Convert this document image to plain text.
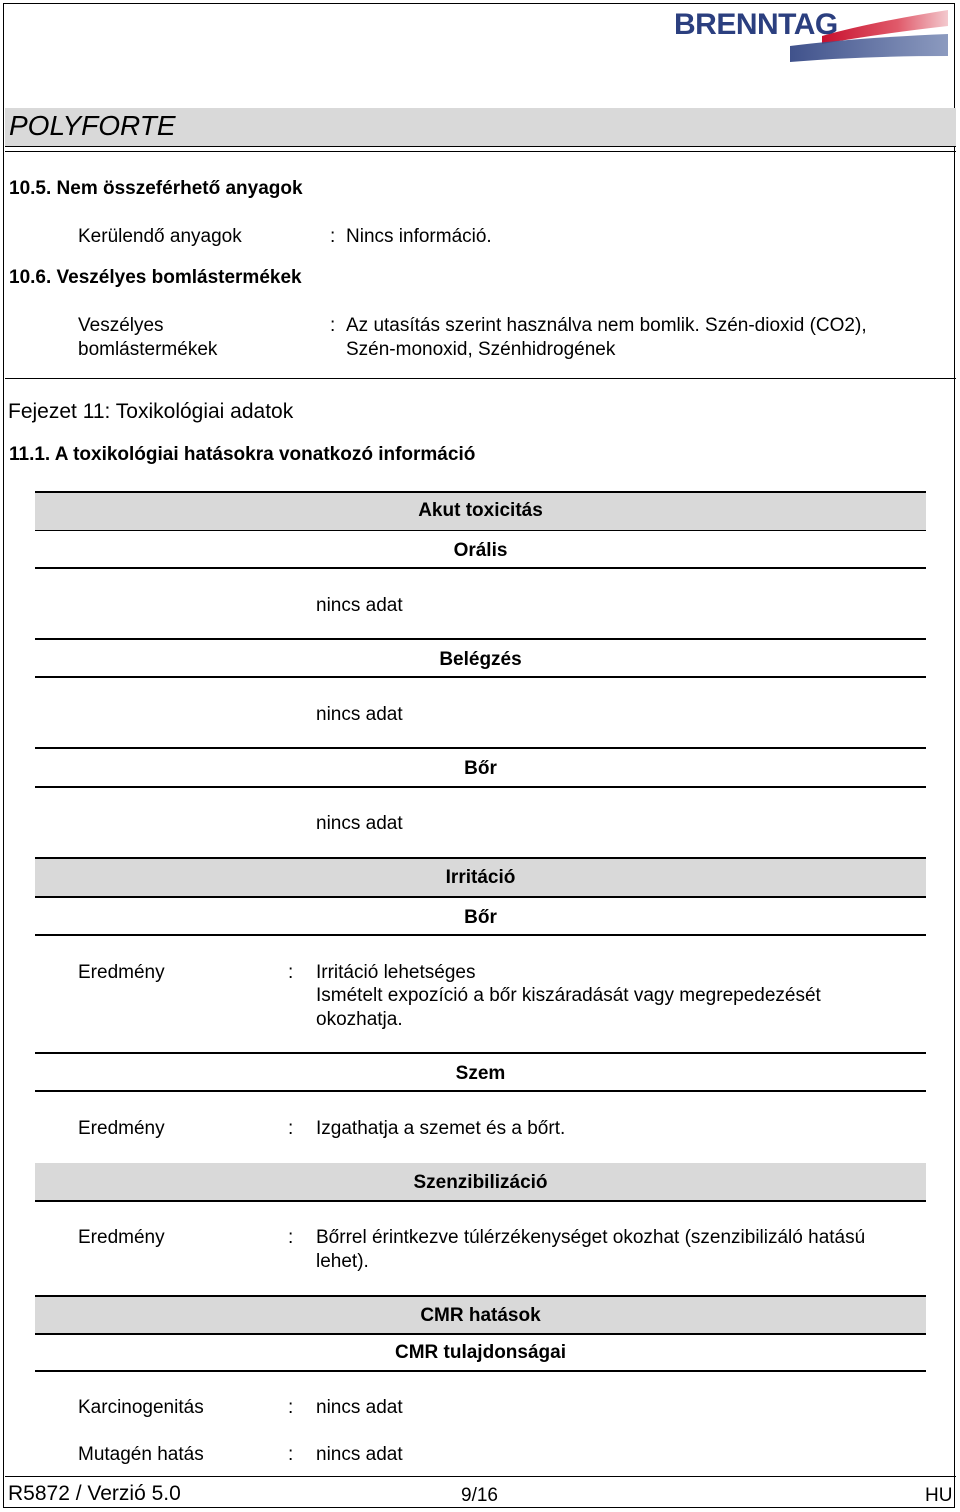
BRENNTAG
POLYFORTE
10.5. Nem összeférhető anyagok
Kerülendő anyagok	: Nincs információ.
10.6. Veszélyes bomlástermékek
Veszélyes
bomlástermékek
: Az utasítás szerint használva nem bomlik. Szén-dioxid (CO2),
Szén-monoxid, Szénhidrogének
Fejezet 11: Toxikológiai adatok
11.1. A toxikológiai hatásokra vonatkozó információ
Akut toxicitás
Orális
nincs adat
Belégzés
nincs adat
Bőr
nincs adat
Irritáció
Bőr
Eredmény	: Irritáció lehetséges
Ismételt expozíció a bőr kiszáradását vagy megrepedezését
okozhatja.
Szem
Eredmény	: Izgathatja a szemet és a bőrt.
Szenzibilizáció
Eredmény	: Bőrrel érintkezve túlérzékenységet okozhat (szenzibilizáló hatású
lehet).
CMR hatások
CMR tulajdonságai
Karcinogenitás	: nincs adat
Mutagén hatás	: nincs adat
R5872 / Verzió 5.0	9/16	HU
